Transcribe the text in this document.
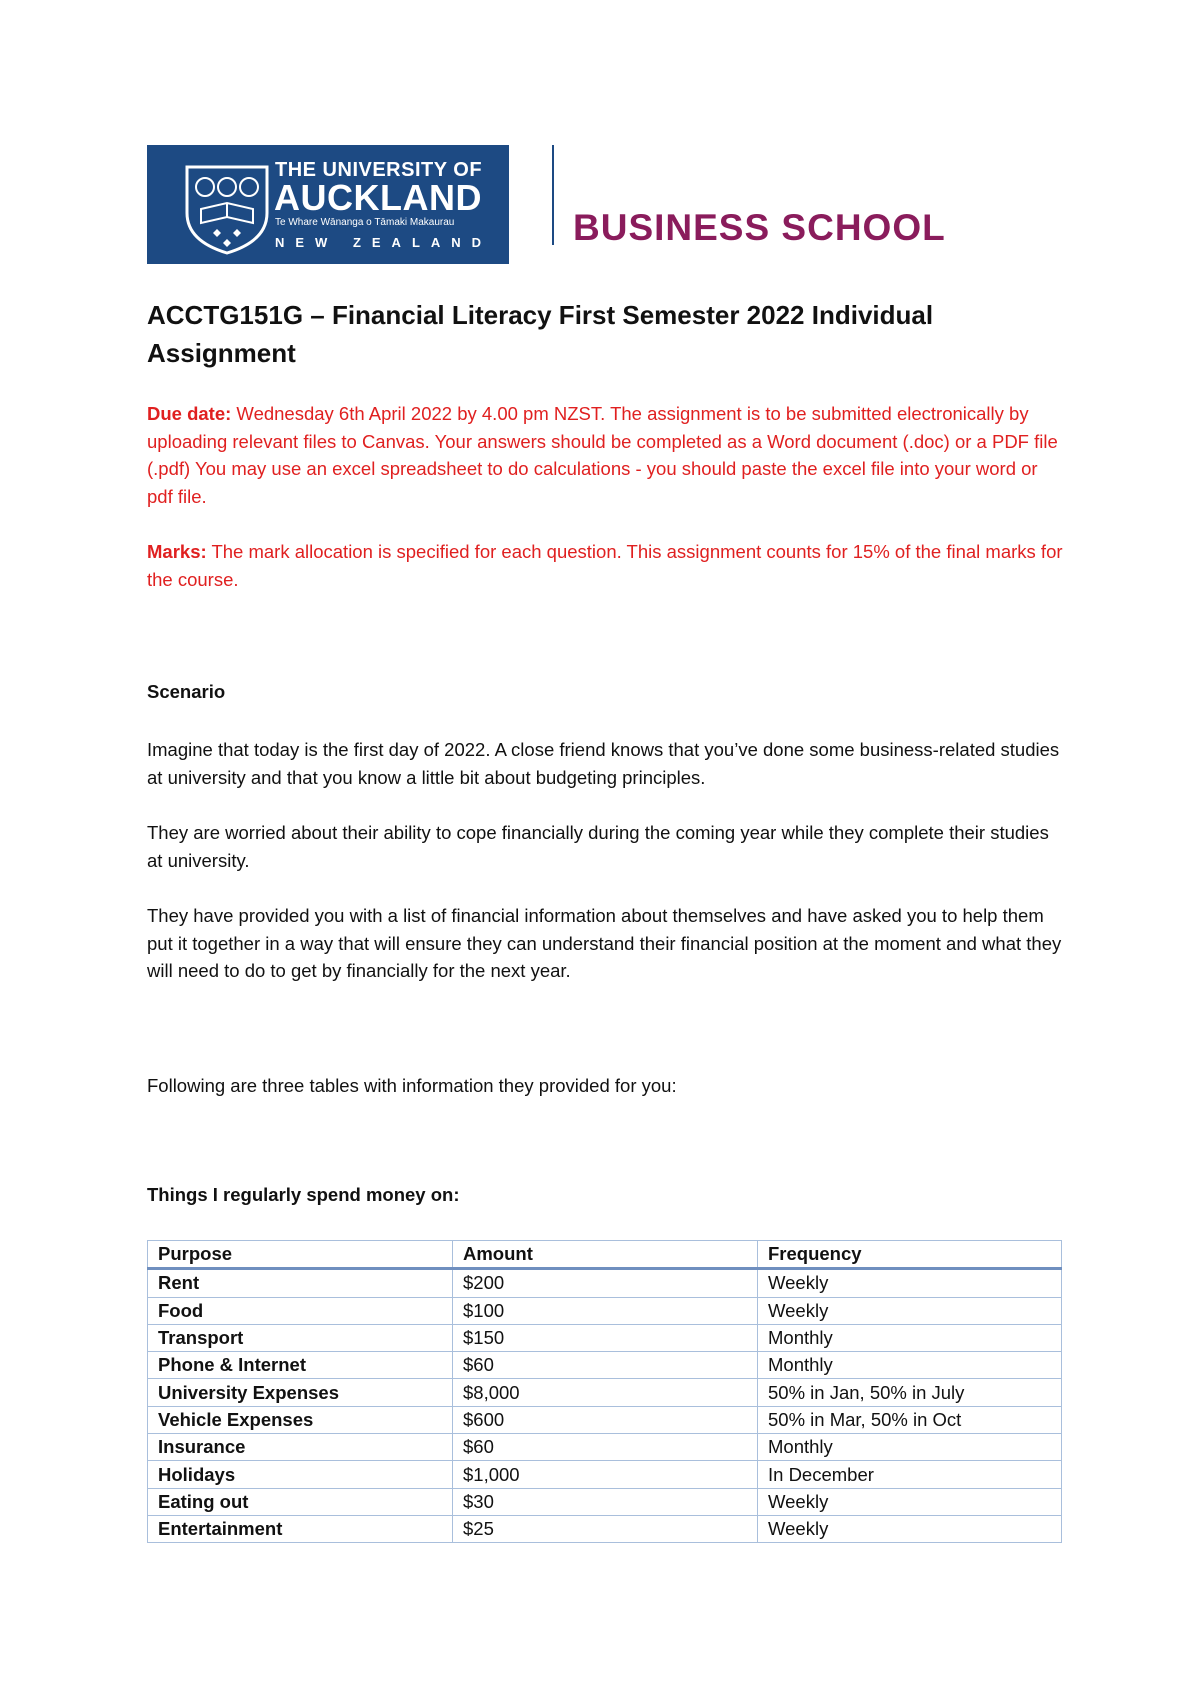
THE UNIVERSITY OF
AUCKLAND
Te Whare Wānanga o Tāmaki Makaurau
NEW ZEALAND BUSINESS SCHOOL
ACCTG151G – Financial Literacy First Semester 2022 Individual Assignment

Due date: Wednesday 6th April 2022 by 4.00 pm NZST. The assignment is to be submitted electronically by uploading relevant files to Canvas. Your answers should be completed as a Word document (.doc) or a PDF file (.pdf) You may use an excel spreadsheet to do calculations - you should paste the excel file into your word or pdf file.

Marks: The mark allocation is specified for each question. This assignment counts for 15% of the final marks for the course.

Scenario

Imagine that today is the first day of 2022. A close friend knows that you’ve done some business-related studies at university and that you know a little bit about budgeting principles.

They are worried about their ability to cope financially during the coming year while they complete their studies at university.

They have provided you with a list of financial information about themselves and have asked you to help them put it together in a way that will ensure they can understand their financial position at the moment and what they will need to do to get by financially for the next year.

Following are three tables with information they provided for you:

Things I regularly spend money on:
Purpose	Amount	Frequency
Rent	$200	Weekly
Food	$100	Weekly
Transport	$150	Monthly
Phone & Internet	$60	Monthly
University Expenses	$8,000	50% in Jan, 50% in July
Vehicle Expenses	$600	50% in Mar, 50% in Oct
Insurance	$60	Monthly
Holidays	$1,000	In December
Eating out	$30	Weekly
Entertainment	$25	Weekly
